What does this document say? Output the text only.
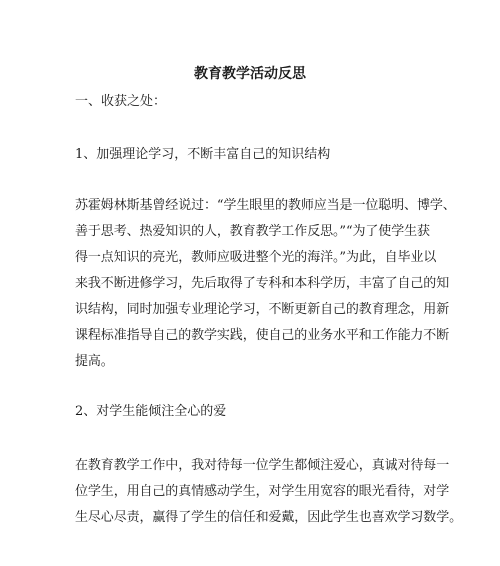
教育教学活动反思
一、收获之处：
1、加强理论学习，不断丰富自己的知识结构
苏霍姆林斯基曾经说过：“学生眼里的教师应当是一位聪明、博学、
善于思考、热爱知识的人，教育教学工作反思。”“为了使学生获
得一点知识的亮光，教师应吸进整个光的海洋。”为此，自毕业以
来我不断进修学习，先后取得了专科和本科学历，丰富了自己的知
识结构，同时加强专业理论学习，不断更新自己的教育理念，用新
课程标准指导自己的教学实践，使自己的业务水平和工作能力不断
提高。
2、对学生能倾注全心的爱
在教育教学工作中，我对待每一位学生都倾注爱心，真诚对待每一
位学生，用自己的真情感动学生，对学生用宽容的眼光看待，对学
生尽心尽责，赢得了学生的信任和爱戴，因此学生也喜欢学习数学。
